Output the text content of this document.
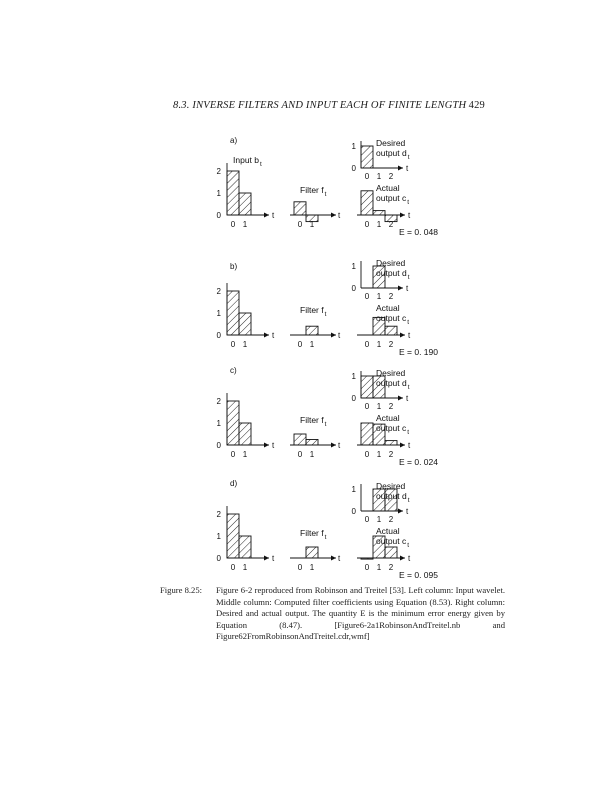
8.3. INVERSE FILTERS AND INPUT EACH OF FINITE LENGTH 429
a)
t
2
1
0
0 1
Input $b_t$
t
0 1
Filter $f_t$
t
1
0
0 1 2
Desired
output $d_t$
t
0 1 2
Actual
output $c_t$
E = 0. 048
b)
t
2
1
0
0 1
t
0 1
Filter $f_t$
t
1
0
0 1 2
Desired
output $d_t$
t
0 1 2
Actual
output $c_t$
E = 0. 190
c)
t
2
1
0
0 1
t
0 1
Filter $f_t$
t
1
0
0 1 2
Desired
output $d_t$
t
0 1 2
Actual
output $c_t$
E = 0. 024
d)
t
2
1
0
0 1
t
0 1
Filter $f_t$
t
1
0
0 1 2
Desired
output $d_t$
t
0 1 2
Actual
output $c_t$
E = 0. 095
Figure 8.25: Figure 6-2 reproduced from Robinson and Treitel [53]. Left column: Input wavelet. Middle column: Computed filter coefficients using Equation (8.53). Right column: Desired and actual output. The quantity E is the minimum error energy given by Equation (8.47). [Figure6-2a1RobinsonAndTreitel.nb and Figure62FromRobinsonAndTreitel.cdr,wmf]
